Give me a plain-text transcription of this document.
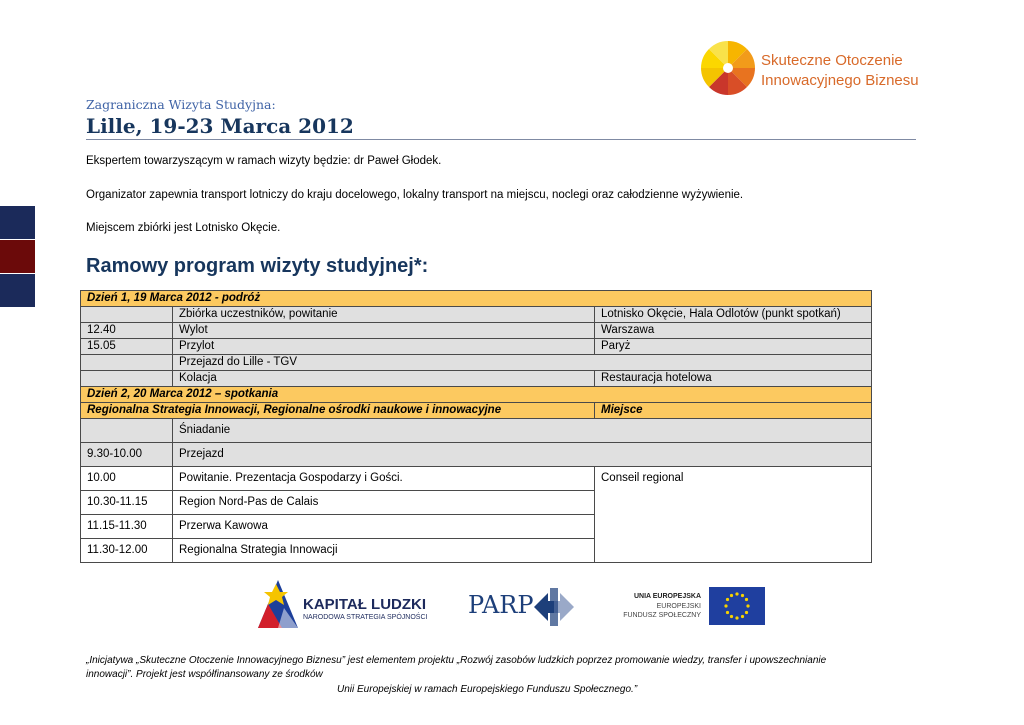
Skuteczne Otoczenie
Innowacyjnego Biznesu
Zagraniczna Wizyta Studyjna:
Lille, 19-23 Marca 2012
Ekspertem towarzyszącym w ramach wizyty będzie: dr Paweł Głodek.
Organizator zapewnia transport lotniczy do kraju docelowego, lokalny transport na miejscu, noclegi oraz całodzienne wyżywienie.
Miejscem zbiórki jest Lotnisko Okęcie.
Ramowy program wizyty studyjnej*:
Dzień 1, 19 Marca 2012 - podróż		
	Zbiórka uczestników, powitanie	Lotnisko Okęcie, Hala Odlotów (punkt spotkań)
12.40	Wylot	Warszawa
15.05	Przylot	Paryż
	Przejazd do Lille - TGV	
	Kolacja	Restauracja hotelowa
Dzień 2, 20 Marca 2012 – spotkania		
Regionalna Strategia Innowacji, Regionalne ośrodki naukowe i innowacyjne		Miejsce
	Śniadanie	
9.30-10.00	Przejazd	
10.00	Powitanie. Prezentacja Gospodarzy i Gości.	Conseil regional
10.30-11.15	Region Nord-Pas de Calais	
11.15-11.30	Przerwa Kawowa	
11.30-12.00	Regionalna Strategia Innowacji	
KAPITAŁ LUDZKI
NARODOWA STRATEGIA SPÓJNOŚCI PARP	UNIA EUROPEJSKA
EUROPEJSKI
FUNDUSZ SPOŁECZNY
„Inicjatywa „Skuteczne Otoczenie Innowacyjnego Biznesu” jest elementem projektu „Rozwój zasobów ludzkich poprzez promowanie wiedzy, transfer i upowszechnianie
innowacji”. Projekt jest współfinansowany ze środków
Unii Europejskiej w ramach Europejskiego Funduszu Społecznego.”
